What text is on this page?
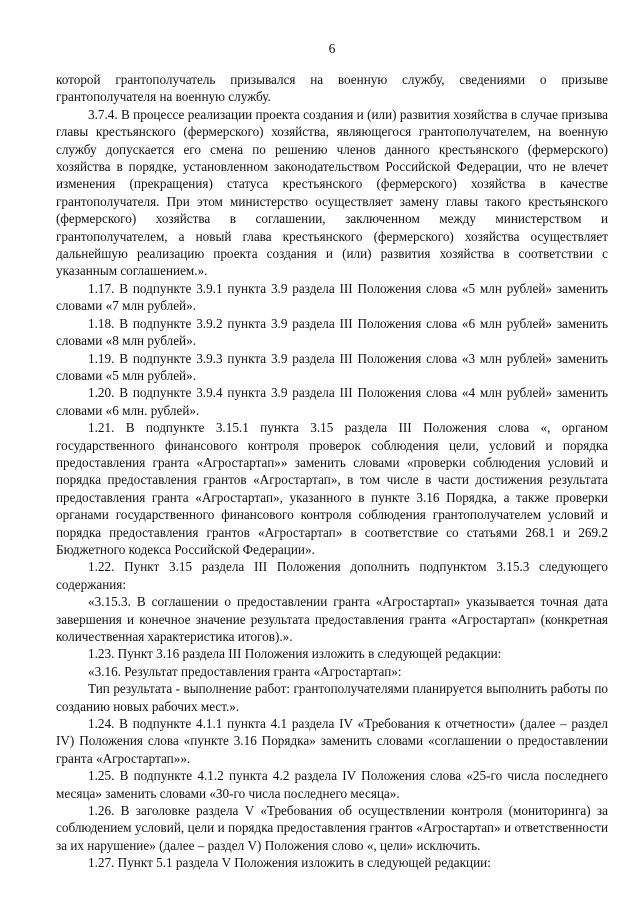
6

которой грантополучатель призывался на военную службу, сведениями о призыве грантополучателя на военную службу.

3.7.4. В процессе реализации проекта создания и (или) развития хозяйства в случае призыва главы крестьянского (фермерского) хозяйства, являющегося грантополучателем, на военную службу допускается его смена по решению членов данного крестьянского (фермерского) хозяйства в порядке, установленном законодательством Российской Федерации, что не влечет изменения (прекращения) статуса крестьянского (фермерского) хозяйства в качестве грантополучателя. При этом министерство осуществляет замену главы такого крестьянского (фермерского) хозяйства в соглашении, заключенном между министерством и грантополучателем, а новый глава крестьянского (фермерского) хозяйства осуществляет дальнейшую реализацию проекта создания и (или) развития хозяйства в соответствии с указанным соглашением.».

1.17. В подпункте 3.9.1 пункта 3.9 раздела III Положения слова «5 млн рублей» заменить словами «7 млн рублей».

1.18. В подпункте 3.9.2 пункта 3.9 раздела III Положения слова «6 млн рублей» заменить словами «8 млн рублей».

1.19. В подпункте 3.9.3 пункта 3.9 раздела III Положения слова «3 млн рублей» заменить словами «5 млн рублей».

1.20. В подпункте 3.9.4 пункта 3.9 раздела III Положения слова «4 млн рублей» заменить словами «6 млн. рублей».

1.21. В подпункте 3.15.1 пункта 3.15 раздела III Положения слова «, органом государственного финансового контроля проверок соблюдения цели, условий и порядка предоставления гранта «Агростартап»» заменить словами «проверки соблюдения условий и порядка предоставления грантов «Агростартап», в том числе в части достижения результата предоставления гранта «Агростартап», указанного в пункте 3.16 Порядка, а также проверки органами государственного финансового контроля соблюдения грантополучателем условий и порядка предоставления грантов «Агростартап» в соответствие со статьями 268.1 и 269.2 Бюджетного кодекса Российской Федерации».

1.22. Пункт 3.15 раздела III Положения дополнить подпунктом 3.15.3 следующего содержания:

«3.15.3. В соглашении о предоставлении гранта «Агростартап» указывается точная дата завершения и конечное значение результата предоставления гранта «Агростартап» (конкретная количественная характеристика итогов).».

1.23. Пункт 3.16 раздела III Положения изложить в следующей редакции:

«3.16. Результат предоставления гранта «Агростартап»:

Тип результата - выполнение работ: грантополучателями планируется выполнить работы по созданию новых рабочих мест.».

1.24. В подпункте 4.1.1 пункта 4.1 раздела IV «Требования к отчетности» (далее – раздел IV) Положения слова «пункте 3.16 Порядка» заменить словами «соглашении о предоставлении гранта «Агростартап»».

1.25. В подпункте 4.1.2 пункта 4.2 раздела IV Положения слова «25-го числа последнего месяца» заменить словами «30-го числа последнего месяца».

1.26. В заголовке раздела V «Требования об осуществлении контроля (мониторинга) за соблюдением условий, цели и порядка предоставления грантов «Агростартап» и ответственности за их нарушение» (далее – раздел V) Положения слово «, цели» исключить.

1.27. Пункт 5.1 раздела V Положения изложить в следующей редакции:
